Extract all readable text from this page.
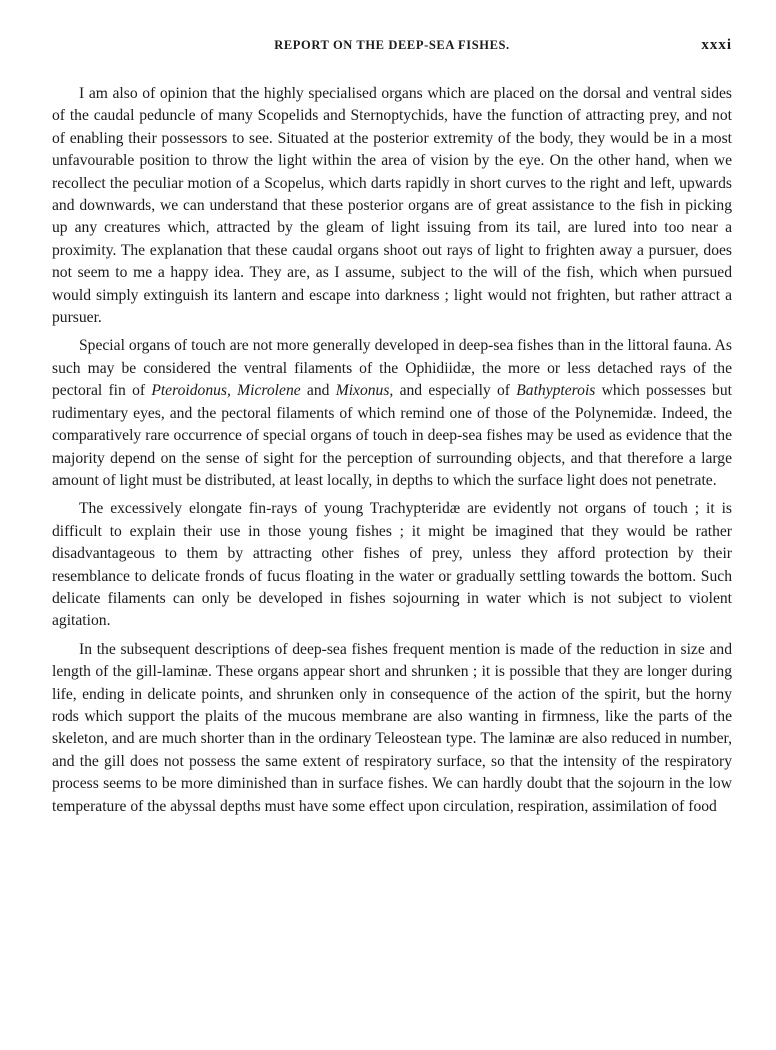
REPORT ON THE DEEP-SEA FISHES.	xxxi

I am also of opinion that the highly specialised organs which are placed on the dorsal and ventral sides of the caudal peduncle of many Scopelids and Sternoptychids, have the function of attracting prey, and not of enabling their possessors to see. Situated at the posterior extremity of the body, they would be in a most unfavourable position to throw the light within the area of vision by the eye. On the other hand, when we recollect the peculiar motion of a Scopelus, which darts rapidly in short curves to the right and left, upwards and downwards, we can understand that these posterior organs are of great assistance to the fish in picking up any creatures which, attracted by the gleam of light issuing from its tail, are lured into too near a proximity. The explanation that these caudal organs shoot out rays of light to frighten away a pursuer, does not seem to me a happy idea. They are, as I assume, subject to the will of the fish, which when pursued would simply extinguish its lantern and escape into darkness ; light would not frighten, but rather attract a pursuer.

Special organs of touch are not more generally developed in deep-sea fishes than in the littoral fauna. As such may be considered the ventral filaments of the Ophidiidæ, the more or less detached rays of the pectoral fin of Pteroidonus, Microlene and Mixonus, and especially of Bathypterois which possesses but rudimentary eyes, and the pectoral filaments of which remind one of those of the Polynemidæ. Indeed, the comparatively rare occurrence of special organs of touch in deep-sea fishes may be used as evidence that the majority depend on the sense of sight for the perception of surrounding objects, and that therefore a large amount of light must be distributed, at least locally, in depths to which the surface light does not penetrate.

The excessively elongate fin-rays of young Trachypteridæ are evidently not organs of touch ; it is difficult to explain their use in those young fishes ; it might be imagined that they would be rather disadvantageous to them by attracting other fishes of prey, unless they afford protection by their resemblance to delicate fronds of fucus floating in the water or gradually settling towards the bottom. Such delicate filaments can only be developed in fishes sojourning in water which is not subject to violent agitation.

In the subsequent descriptions of deep-sea fishes frequent mention is made of the reduction in size and length of the gill-laminæ. These organs appear short and shrunken ; it is possible that they are longer during life, ending in delicate points, and shrunken only in consequence of the action of the spirit, but the horny rods which support the plaits of the mucous membrane are also wanting in firmness, like the parts of the skeleton, and are much shorter than in the ordinary Teleostean type. The laminæ are also reduced in number, and the gill does not possess the same extent of respiratory surface, so that the intensity of the respiratory process seems to be more diminished than in surface fishes. We can hardly doubt that the sojourn in the low temperature of the abyssal depths must have some effect upon circulation, respiration, assimilation of food
